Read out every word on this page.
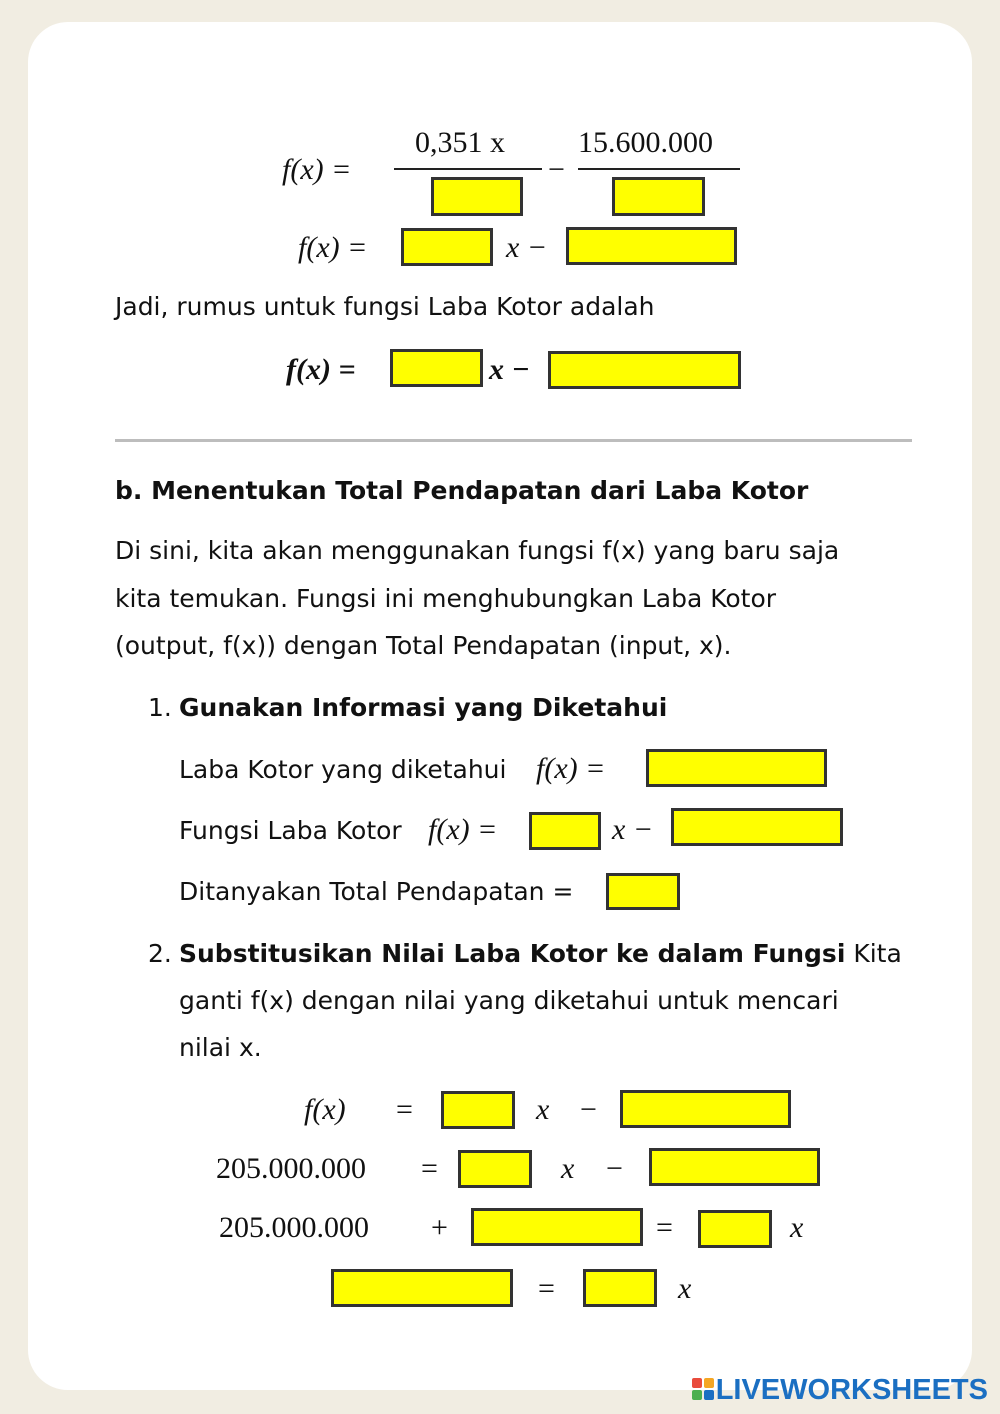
f(x) =
0,351 x
−
15.600.000
f(x) =	x −
Jadi, rumus untuk fungsi Laba Kotor adalah
f(x) =	x −
b. Menentukan Total Pendapatan dari Laba Kotor
Di sini, kita akan menggunakan fungsi f(x) yang baru saja
kita temukan. Fungsi ini menghubungkan Laba Kotor
(output, f(x)) dengan Total Pendapatan (input, x).
1. Gunakan Informasi yang Diketahui
Laba Kotor yang diketahui f(x) =
Fungsi Laba Kotor f(x) =	x −
Ditanyakan Total Pendapatan =
2. Substitusikan Nilai Laba Kotor ke dalam Fungsi Kita
ganti f(x) dengan nilai yang diketahui untuk mencari
nilai x.
f(x) =	x −
205.000.000 =	x −
205.000.000 +	=	x
=	x
LIVEWORKSHEETS
